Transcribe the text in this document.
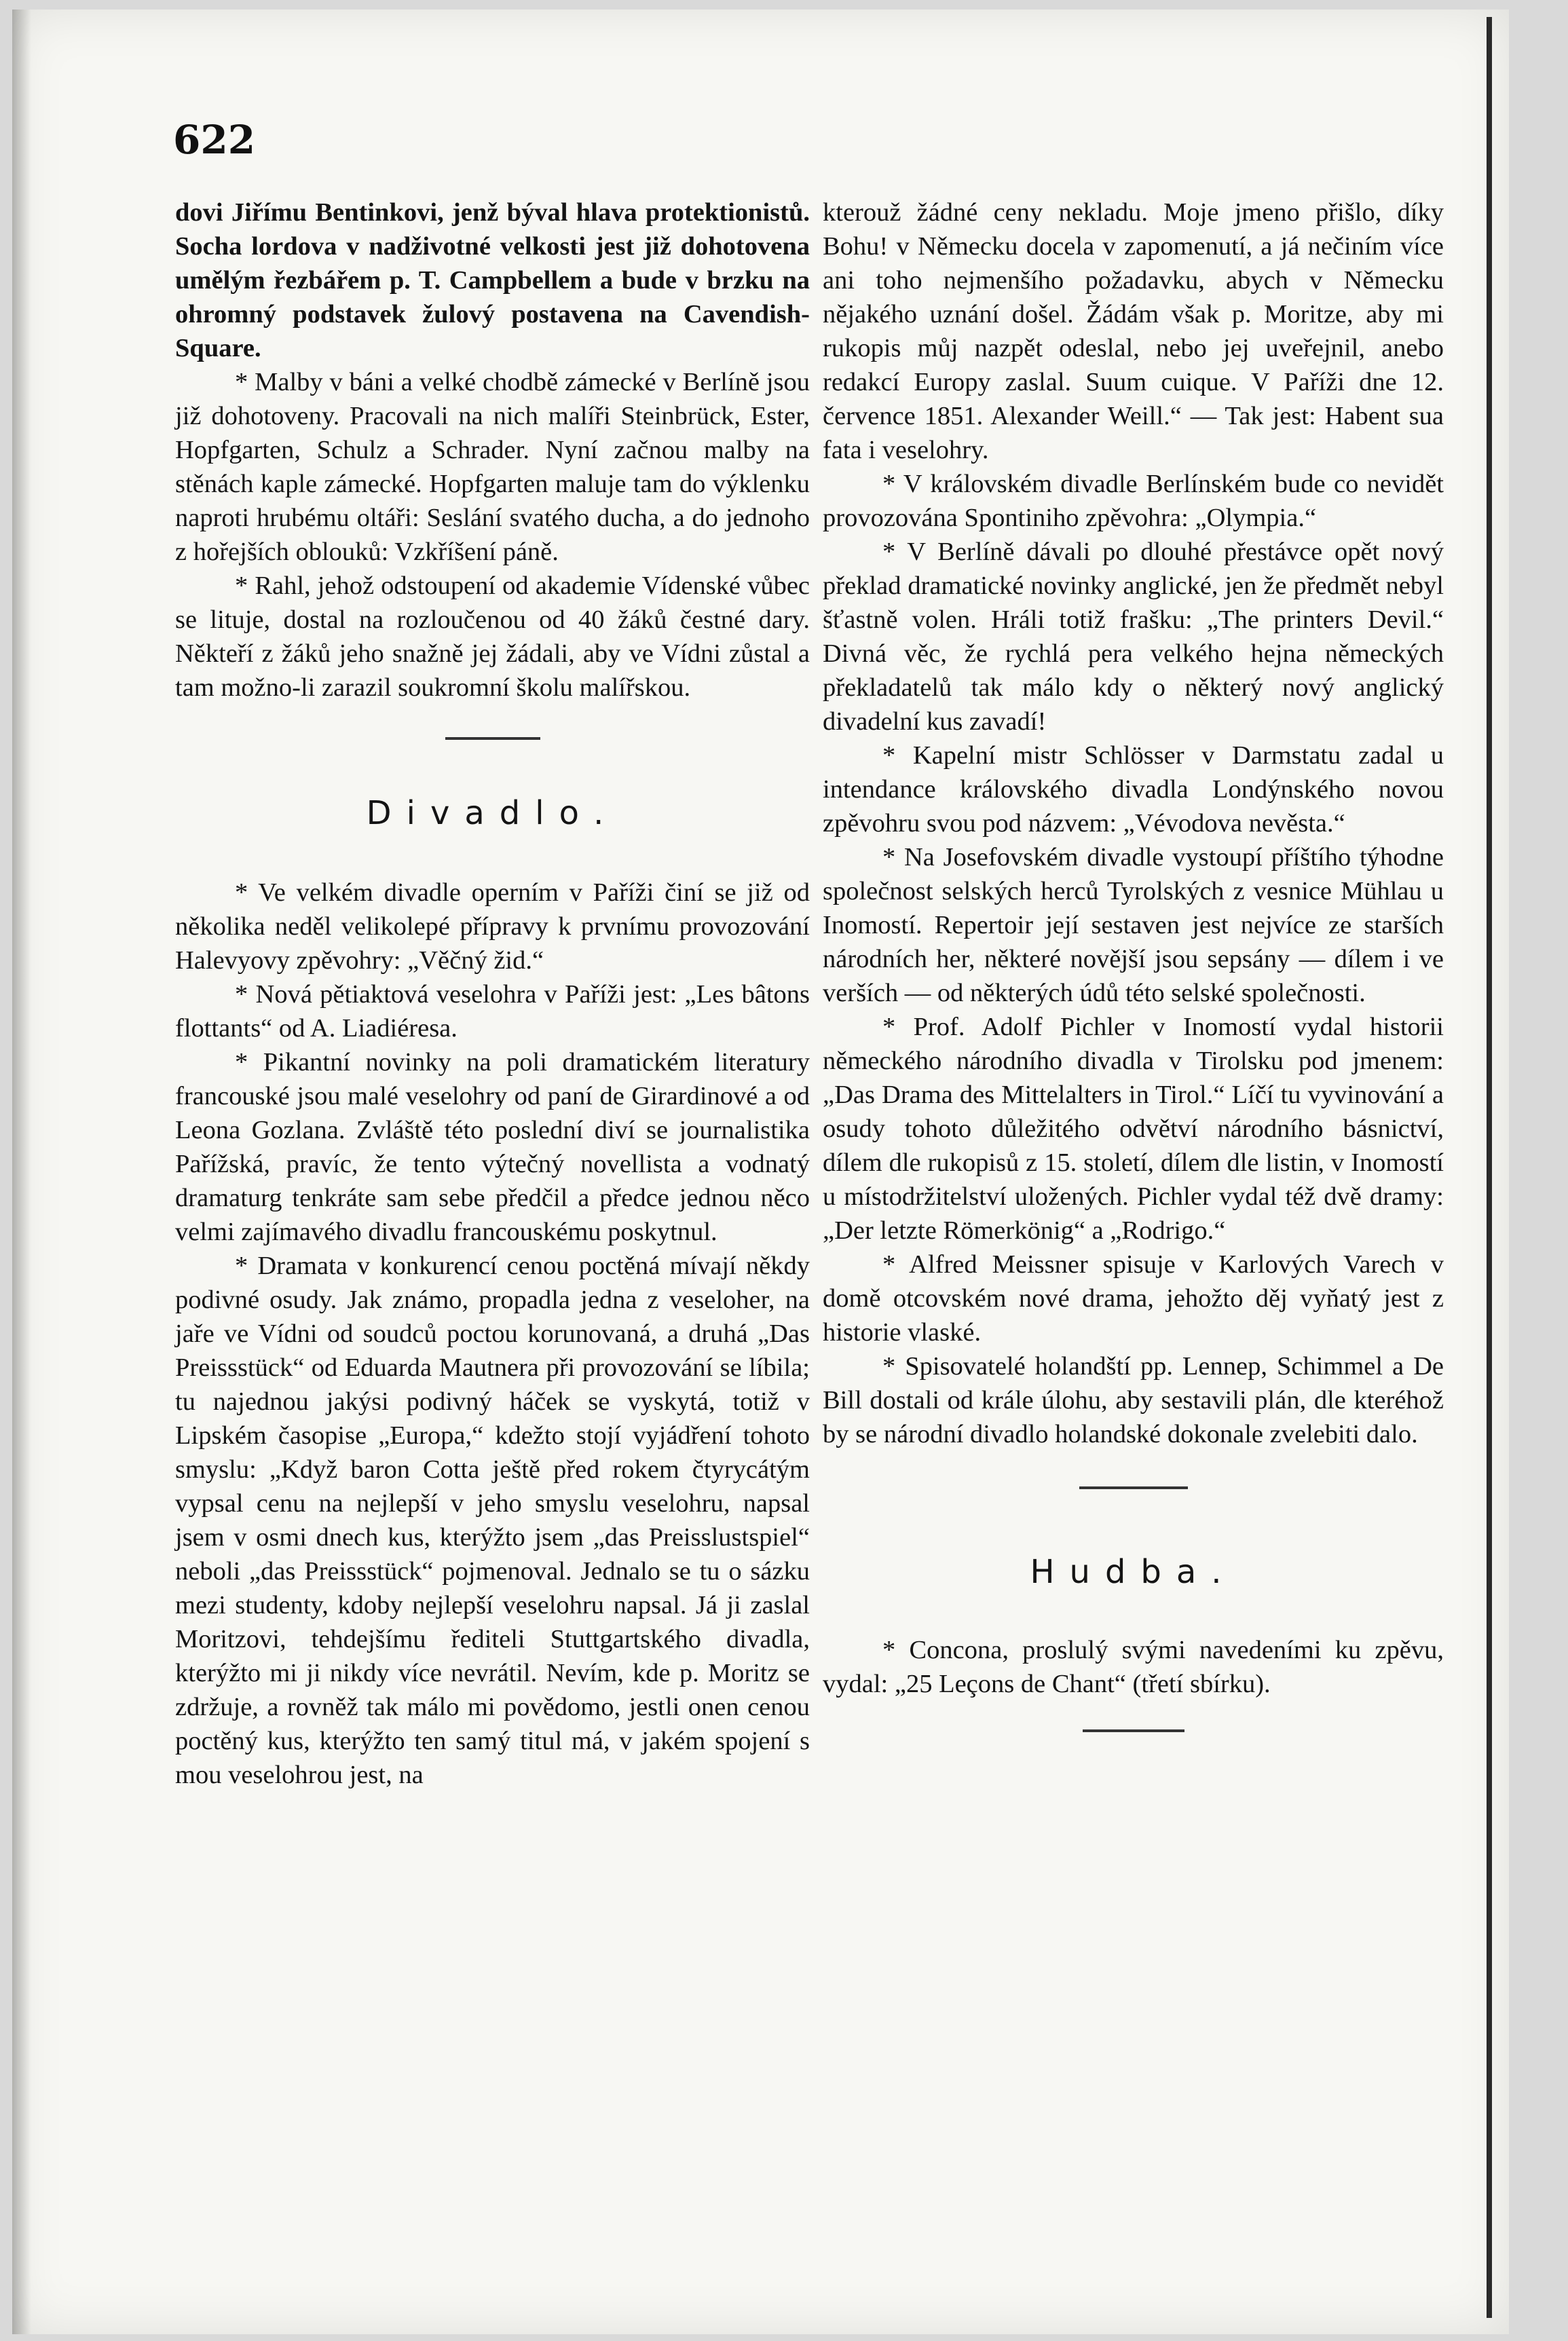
622

dovi Jiřímu Bentinkovi, jenž býval hlava protektionistů. Socha lordova v nadživotné velkosti jest již dohotovena umělým řezbářem p. T. Campbellem a bude v brzku na ohromný podstavek žulový postavena na Cavendish-Square.

* Malby v báni a velké chodbě zámecké v Berlíně jsou již dohotoveny. Pracovali na nich malíři Steinbrück, Ester, Hopfgarten, Schulz a Schrader. Nyní začnou malby na stěnách kaple zámecké. Hopfgarten maluje tam do výklenku naproti hrubému oltáři: Seslání svatého ducha, a do jednoho z hořejších oblouků: Vzkříšení páně.

* Rahl, jehož odstoupení od akademie Vídenské vůbec se lituje, dostal na rozloučenou od 40 žáků čestné dary. Někteří z žáků jeho snažně jej žádali, aby ve Vídni zůstal a tam možno-li zarazil soukromní školu malířskou.

Divadlo.

* Ve velkém divadle operním v Paříži činí se již od několika neděl velikolepé přípravy k prvnímu provozování Halevyovy zpěvohry: „Věčný žid.“

* Nová pětiaktová veselohra v Paříži jest: „Les bâtons flottants“ od A. Liadiéresa.

* Pikantní novinky na poli dramatickém literatury francouské jsou malé veselohry od paní de Girardinové a od Leona Gozlana. Zvláště této poslední diví se journalistika Pařížská, pravíc, že tento výtečný novellista a vodnatý dramaturg tenkráte sam sebe předčil a předce jednou něco velmi zajímavého divadlu francouskému poskytnul.

* Dramata v konkurencí cenou poctěná mívají někdy podivné osudy. Jak známo, propadla jedna z veseloher, na jaře ve Vídni od soudců poctou korunovaná, a druhá „Das Preissstück“ od Eduarda Mautnera při provozování se líbila; tu najednou jakýsi podivný háček se vyskytá, totiž v Lipském časopise „Europa,“ kdežto stojí vyjádření tohoto smyslu: „Když baron Cotta ještě před rokem čtyrycátým vypsal cenu na nejlepší v jeho smyslu veselohru, napsal jsem v osmi dnech kus, kterýžto jsem „das Preisslustspiel“ neboli „das Preissstück“ pojmenoval. Jednalo se tu o sázku mezi studenty, kdoby nejlepší veselohru napsal. Já ji zaslal Moritzovi, tehdejšímu řediteli Stuttgartského divadla, kterýžto mi ji nikdy více nevrátil. Nevím, kde p. Moritz se zdržuje, a rovněž tak málo mi povědomo, jestli onen cenou poctěný kus, kterýžto ten samý titul má, v jakém spojení s mou veselohrou jest, na

kterouž žádné ceny nekladu. Moje jmeno přišlo, díky Bohu! v Německu docela v zapomenutí, a já nečiním více ani toho nejmenšího požadavku, abych v Německu nějakého uznání došel. Žádám však p. Moritze, aby mi rukopis můj nazpět odeslal, nebo jej uveřejnil, anebo redakcí Europy zaslal. Suum cuique. V Paříži dne 12. července 1851. Alexander Weill.“ — Tak jest: Habent sua fata i veselohry.

* V královském divadle Berlínském bude co nevidět provozována Spontiniho zpěvohra: „Olympia.“

* V Berlíně dávali po dlouhé přestávce opět nový překlad dramatické novinky anglické, jen že předmět nebyl šťastně volen. Hráli totiž frašku: „The printers Devil.“ Divná věc, že rychlá pera velkého hejna německých překladatelů tak málo kdy o některý nový anglický divadelní kus zavadí!

* Kapelní mistr Schlösser v Darmstatu zadal u intendance královského divadla Londýnského novou zpěvohru svou pod názvem: „Vévodova nevěsta.“

* Na Josefovském divadle vystoupí příštího týhodne společnost selských herců Tyrolských z vesnice Mühlau u Inomostí. Repertoir její sestaven jest nejvíce ze starších národních her, některé novější jsou sepsány — dílem i ve verších — od některých údů této selské společnosti.

* Prof. Adolf Pichler v Inomostí vydal historii německého národního divadla v Tirolsku pod jmenem: „Das Drama des Mittelalters in Tirol.“ Líčí tu vyvinování a osudy tohoto důležitého odvětví národního básnictví, dílem dle rukopisů z 15. století, dílem dle listin, v Inomostí u místodržitelství uložených. Pichler vydal též dvě dramy: „Der letzte Römerkönig“ a „Rodrigo.“

* Alfred Meissner spisuje v Karlových Varech v domě otcovském nové drama, jehožto děj vyňatý jest z historie vlaské.

* Spisovatelé holandští pp. Lennep, Schimmel a De Bill dostali od krále úlohu, aby sestavili plán, dle kteréhož by se národní divadlo holandské dokonale zvelebiti dalo.

Hudba.

* Concona, proslulý svými navedeními ku zpěvu, vydal: „25 Leçons de Chant“ (třetí sbírku).
